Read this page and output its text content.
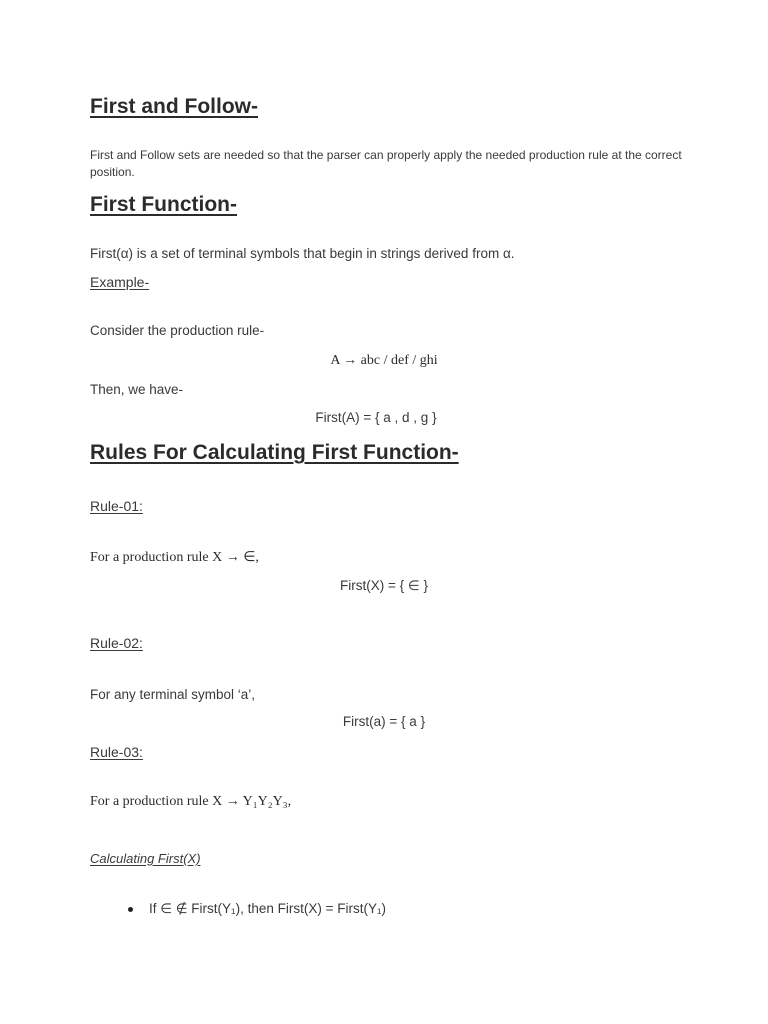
First and Follow-
First and Follow sets are needed so that the parser can properly apply the needed production rule at the correct position.
First Function-
First(α) is a set of terminal symbols that begin in strings derived from α.
Example-
Consider the production rule-
A → abc / def / ghi
Then, we have-
First(A) = { a , d , g }
Rules For Calculating First Function-
Rule-01:
For a production rule X → ∈,
First(X) = { ∈ }
Rule-02:
For any terminal symbol ‘a’,
First(a) = { a }
Rule-03:
For a production rule X → Y₁Y₂Y₃,
Calculating First(X)
If ∈ ∉ First(Y₁), then First(X) = First(Y₁)
